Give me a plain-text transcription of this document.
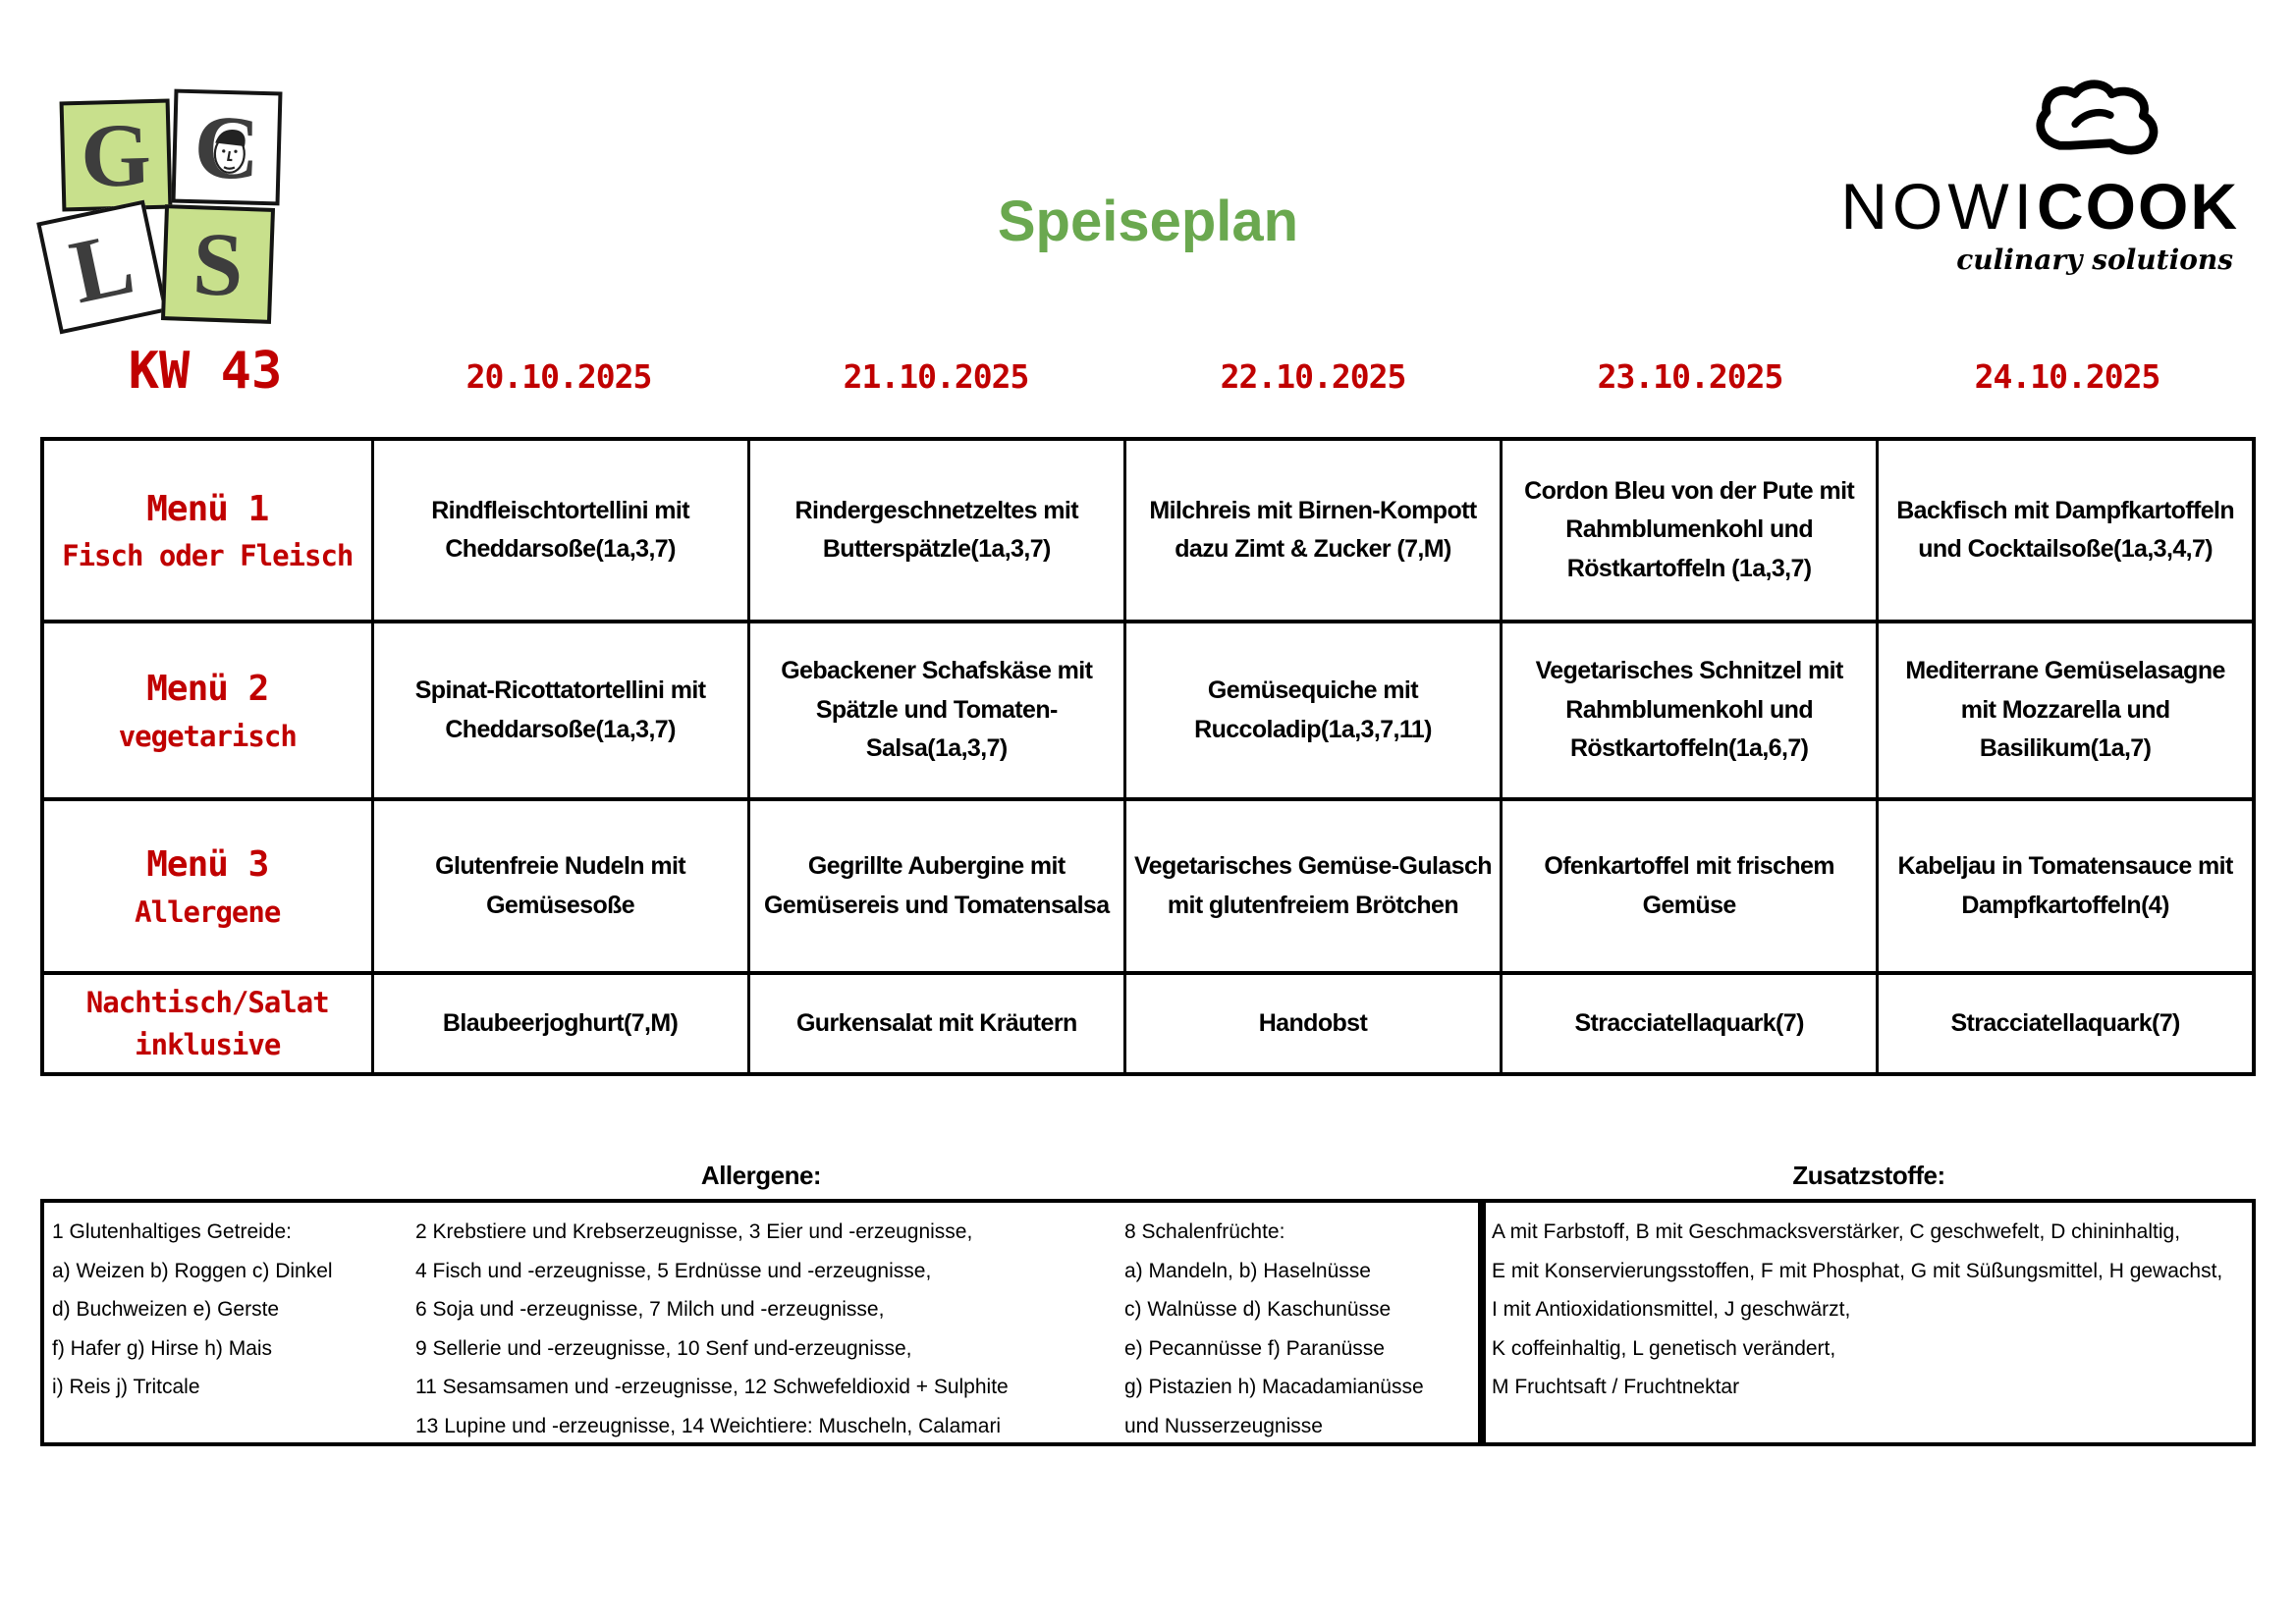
G C
L S	Speiseplan	NOWICOOK
culinary solutions
KW 43	20.10.2025	21.10.2025	22.10.2025	23.10.2025	24.10.2025
Menü 1
Fisch oder Fleisch	Rindfleischtortellini mit Cheddarsoße(1a,3,7)	Rindergeschnetzeltes mit Butterspätzle(1a,3,7)	Milchreis mit Birnen-Kompott dazu Zimt & Zucker (7,M)	Cordon Bleu von der Pute mit Rahmblumenkohl und Röstkartoffeln (1a,3,7)	Backfisch mit Dampfkartoffeln und Cocktailsoße(1a,3,4,7)

Menü 2
vegetarisch	Spinat-Ricottatortellini mit Cheddarsoße(1a,3,7)	Gebackener Schafskäse mit Spätzle und Tomaten-Salsa(1a,3,7)	Gemüsequiche mit Ruccoladip(1a,3,7,11)	Vegetarisches Schnitzel mit Rahmblumenkohl und Röstkartoffeln(1a,6,7)	Mediterrane Gemüselasagne mit Mozzarella und Basilikum(1a,7)

Menü 3
Allergene	Glutenfreie Nudeln mit Gemüsesoße	Gegrillte Aubergine mit Gemüsereis und Tomatensalsa	Vegetarisches Gemüse-Gulasch mit glutenfreiem Brötchen	Ofenkartoffel mit frischem Gemüse	Kabeljau in Tomatensauce mit Dampfkartoffeln(4)

Nachtisch/Salat
inklusive	Blaubeerjoghurt(7,M)	Gurkensalat mit Kräutern	Handobst	Stracciatellaquark(7)	Stracciatellaquark(7)
Allergene:
1 Glutenhaltiges Getreide:
a) Weizen b) Roggen c) Dinkel
d) Buchweizen e) Gerste
f) Hafer g) Hirse h) Mais
i) Reis j) Tritcale
2 Krebstiere und Krebserzeugnisse, 3 Eier und -erzeugnisse,
4 Fisch und -erzeugnisse, 5 Erdnüsse und -erzeugnisse,
6 Soja und -erzeugnisse, 7 Milch und -erzeugnisse,
9 Sellerie und -erzeugnisse, 10 Senf und-erzeugnisse,
11 Sesamsamen und -erzeugnisse, 12 Schwefeldioxid + Sulphite
13 Lupine und -erzeugnisse, 14 Weichtiere: Muscheln, Calamari
8 Schalenfrüchte:
a) Mandeln, b) Haselnüsse
c) Walnüsse d) Kaschunüsse
e) Pecannüsse f) Paranüsse
g) Pistazien h) Macadamianüsse
und Nusserzeugnisse
Zusatzstoffe:
A mit Farbstoff, B mit Geschmacksverstärker, C geschwefelt, D chininhaltig,
E mit Konservierungsstoffen, F mit Phosphat, G mit Süßungsmittel, H gewachst,
I mit Antioxidationsmittel, J geschwärzt,
K coffeinhaltig, L genetisch verändert,
M Fruchtsaft / Fruchtnektar
